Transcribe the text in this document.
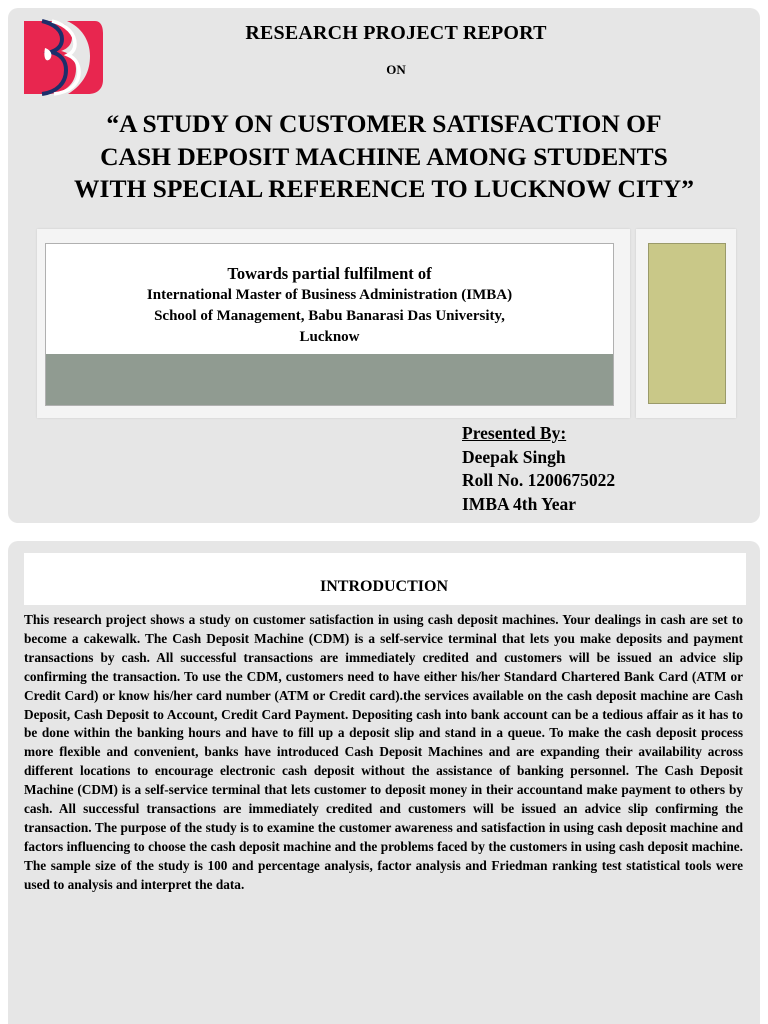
RESEARCH PROJECT REPORT
ON
“A STUDY ON CUSTOMER SATISFACTION OF
CASH DEPOSIT MACHINE AMONG STUDENTS
WITH SPECIAL REFERENCE TO LUCKNOW CITY”
Towards partial fulfilment of
International Master of Business Administration (IMBA)
School of Management, Babu Banarasi Das University,
Lucknow
Presented By:
Deepak Singh
Roll No. 1200675022
IMBA 4th Year
INTRODUCTION

This research project shows a study on customer satisfaction in using cash deposit machines. Your dealings in cash are set to become a cakewalk. The Cash Deposit Machine (CDM) is a self-service terminal that lets you make deposits and payment transactions by cash. All successful transactions are immediately credited and customers will be issued an advice slip confirming the transaction. To use the CDM, customers need to have either his/her Standard Chartered Bank Card (ATM or Credit Card) or know his/her card number (ATM or Credit card).the services available on the cash deposit machine are Cash Deposit, Cash Deposit to Account, Credit Card Payment. Depositing cash into bank account can be a tedious affair as it has to be done within the banking hours and have to fill up a deposit slip and stand in a queue. To make the cash deposit process more flexible and convenient, banks have introduced Cash Deposit Machines and are expanding their availability across different locations to encourage electronic cash deposit without the assistance of banking personnel. The Cash Deposit Machine (CDM) is a self-service terminal that lets customer to deposit money in their accountand make payment to others by cash. All successful transactions are immediately credited and customers will be issued an advice slip confirming the transaction. The purpose of the study is to examine the customer awareness and satisfaction in using cash deposit machine and factors influencing to choose the cash deposit machine and the problems faced by the customers in using cash deposit machine. The sample size of the study is 100 and percentage analysis, factor analysis and Friedman ranking test statistical tools were used to analysis and interpret the data.
